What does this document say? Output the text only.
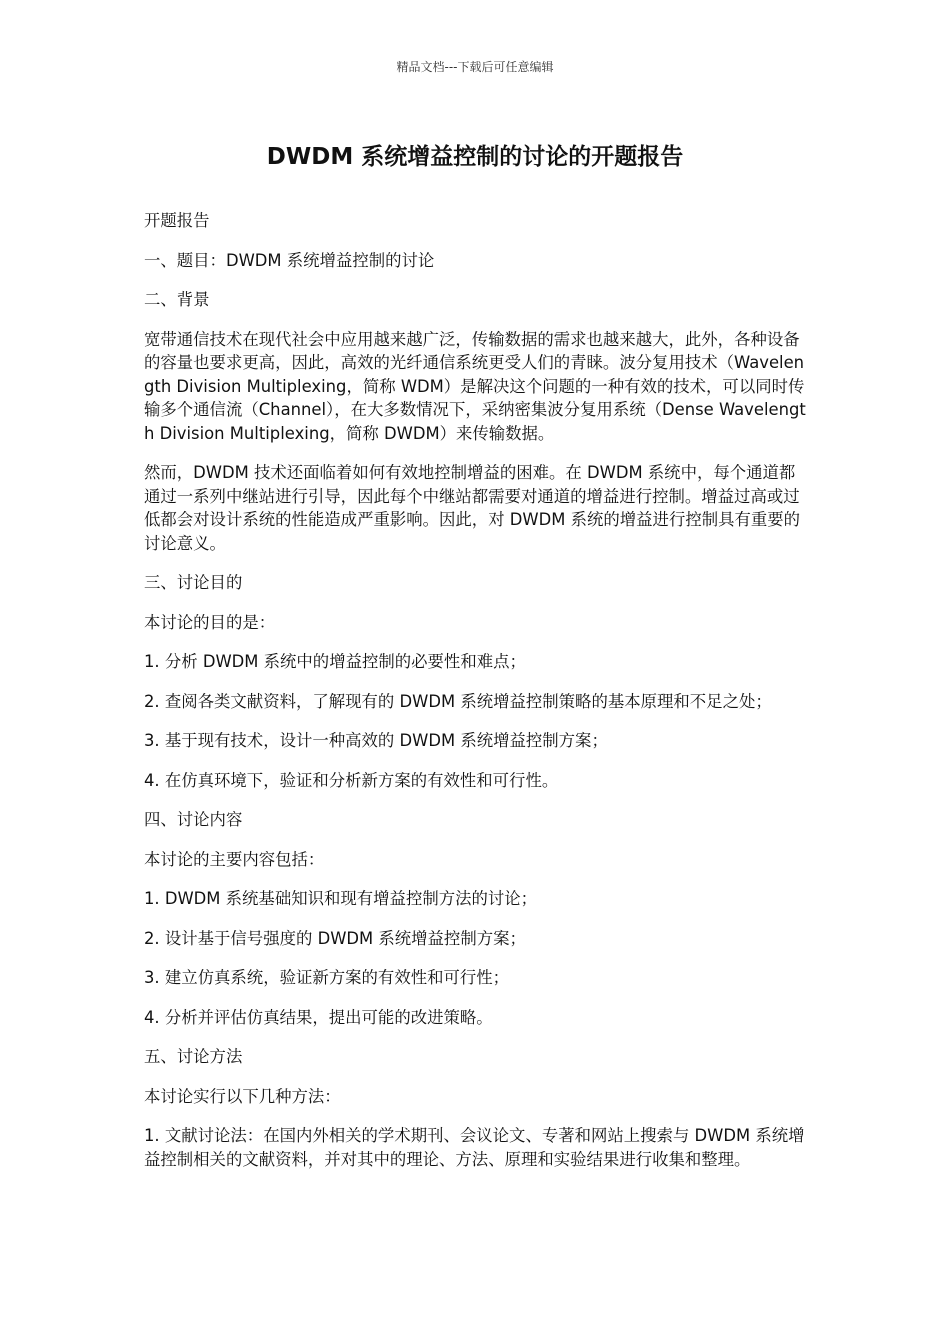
精品文档---下载后可任意编辑
DWDM 系统增益控制的讨论的开题报告

开题报告

一、题目：DWDM 系统增益控制的讨论

二、背景

宽带通信技术在现代社会中应用越来越广泛，传输数据的需求也越来越大，此外，各种设备的容量也要求更高，因此，高效的光纤通信系统更受人们的青睐。波分复用技术（Wavelength Division Multiplexing，简称 WDM）是解决这个问题的一种有效的技术，可以同时传输多个通信流（Channel），在大多数情况下，采纳密集波分复用系统（Dense Wavelength Division Multiplexing，简称 DWDM）来传输数据。

然而，DWDM 技术还面临着如何有效地控制增益的困难。在 DWDM 系统中，每个通道都通过一系列中继站进行引导，因此每个中继站都需要对通道的增益进行控制。增益过高或过低都会对设计系统的性能造成严重影响。因此，对 DWDM 系统的增益进行控制具有重要的讨论意义。

三、讨论目的

本讨论的目的是：

1. 分析 DWDM 系统中的增益控制的必要性和难点；

2. 查阅各类文献资料，了解现有的 DWDM 系统增益控制策略的基本原理和不足之处；

3. 基于现有技术，设计一种高效的 DWDM 系统增益控制方案；

4. 在仿真环境下，验证和分析新方案的有效性和可行性。

四、讨论内容

本讨论的主要内容包括：

1. DWDM 系统基础知识和现有增益控制方法的讨论；

2. 设计基于信号强度的 DWDM 系统增益控制方案；

3. 建立仿真系统，验证新方案的有效性和可行性；

4. 分析并评估仿真结果，提出可能的改进策略。

五、讨论方法

本讨论实行以下几种方法：

1. 文献讨论法：在国内外相关的学术期刊、会议论文、专著和网站上搜索与 DWDM 系统增益控制相关的文献资料，并对其中的理论、方法、原理和实验结果进行收集和整理。
